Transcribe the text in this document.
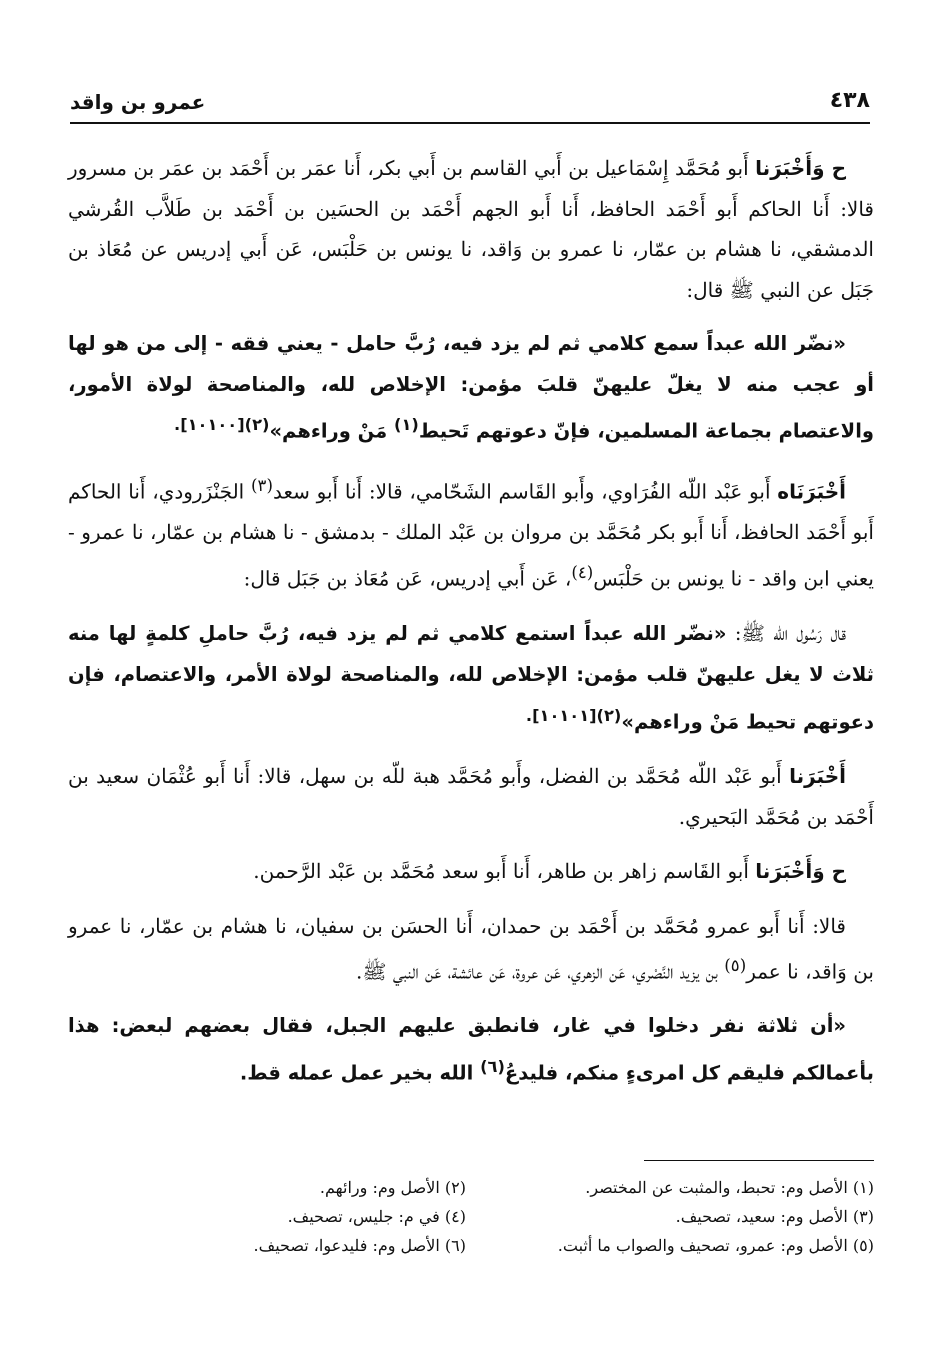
٤٣٨
عمرو بن واقد

ح وَأَخْبَرَنا أَبو مُحَمَّد إِسْمَاعيل بن أَبي القاسم بن أَبي بكر، أَنا عمَر بن أَحْمَد بن عمَر بن مسرور قالا: أَنا الحاكم أَبو أَحْمَد الحافظ، أَنا أَبو الجهم أَحْمَد بن الحسَين بن أَحْمَد بن طَلاَّب القُرشي الدمشقي، نا هشام بن عمّار، نا عمرو بن وَاقد، نا يونس بن حَلْبَس، عَن أَبي إدريس عن مُعَاذ بن جَبَل عن النبي ﷺ قال:

«نضّر الله عبداً سمع كلامي ثم لم يزد فيه، رُبَّ حامل - يعني فقه - إلى من هو لها أو عجب منه لا يغلّ عليهنّ قلبَ مؤمن: الإخلاص لله، والمناصحة لولاة الأمور، والاعتصام بجماعة المسلمين، فإنّ دعوتهم تَحيط$^{(١)}$ مَنْ وراءهم»$^{(٢)[١٠١٠٠].}$

أَخْبَرَنَاه أَبو عَبْد اللّه الفُرَاوي، وأَبو القَاسم الشَحّامي، قالا: أَنا أَبو سعد$^{(٣)}$ الجَنْزَرودي، أَنا الحاكم أَبو أَحْمَد الحافظ، أَنا أَبو بكر مُحَمَّد بن مروان بن عَبْد الملك - بدمشق - نا هشام بن عمّار، نا عمرو - يعني ابن واقد - نا يونس بن حَلْبَس$^{(٤)}$، عَن أَبي إدريس، عَن مُعَاذ بن جَبَل قال:

قال رَسُول الله ﷺ: «نضّر الله عبداً استمع كلامي ثم لم يزد فيه، رُبَّ حاملِ كلمةٍ لها منه ثلاث لا يغل عليهنّ قلب مؤمن: الإخلاص لله، والمناصحة لولاة الأمر، والاعتصام، فإن دعوتهم تحيط مَنْ وراءهم»$^{(٢)[١٠١٠١].}$

أَخْبَرَنا أَبو عَبْد اللّه مُحَمَّد بن الفضل، وأَبو مُحَمَّد هبة للّه بن سهل، قالا: أَنا أَبو عُثْمَان سعيد بن أَحْمَد بن مُحَمَّد البَحيري.

ح وَأَخْبَرَنا أَبو القَاسم زاهر بن طاهر، أَنا أَبو سعد مُحَمَّد بن عَبْد الرَّحمن.

قالا: أَنا أَبو عمرو مُحَمَّد بن أَحْمَد بن حمدان، أَنا الحسَن بن سفيان، نا هشام بن عمّار، نا عمرو بن وَاقد، نا عمر$^{(٥)}$ بن يزيد النَّصْري، عَن الزهري، عَن عروة، عَن عائشة، عَن النبي ﷺ.

«أن ثلاثة نفر دخلوا في غار، فانطبق عليهم الجبل، فقال بعضهم لبعض: هذا بأعمالكم فليقم كل امرىءٍ منكم، فليدعُ$^{(٦)}$ الله بخير عمل عمله قط.

(١) الأصل وم: تحبط، والمثبت عن المختصر.
(٢) الأصل وم: ورائهم.
(٣) الأصل وم: سعيد، تصحيف.
(٤) في م: جليس، تصحيف.
(٥) الأصل وم: عمرو، تصحيف والصواب ما أثبت.
(٦) الأصل وم: فليدعوا، تصحيف.
